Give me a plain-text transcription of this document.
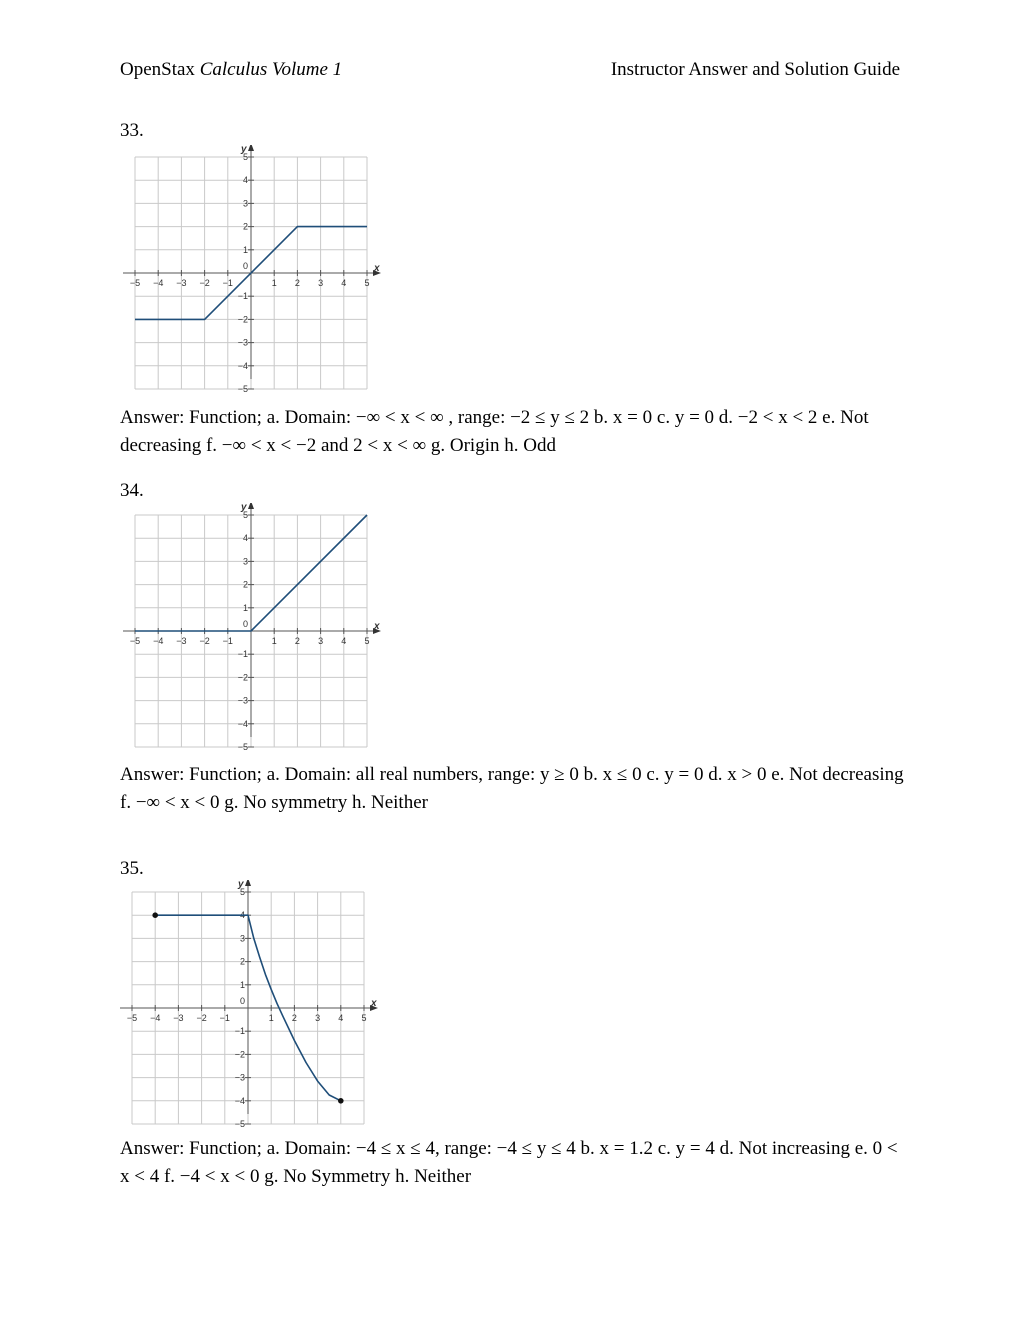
OpenStax Calculus Volume 1	Instructor Answer and Solution Guide
33.
x
y
−5 −4 −3 −2 −1	1 2 3 4 5
−5
−4
−3
−2
−1
1
2
3
4
5
0

Answer: Function; a. Domain: −∞ < x < ∞ , range: −2 ≤ y ≤ 2 b. x = 0 c. y = 0 d. −2 < x < 2 e. Not decreasing f. −∞ < x < −2 and 2 < x < ∞ g. Origin h. Odd

34.
x
y
−5 −4 −3 −2 −1	1 2 3 4 5
−5
−4
−3
−2
−1
1
2
3
4
5
0

Answer: Function; a. Domain: all real numbers, range: y ≥ 0 b. x ≤ 0 c. y = 0 d. x > 0 e. Not decreasing f. −∞ < x < 0 g. No symmetry h. Neither

35.
x
y
−5 −4 −3 −2 −1	1 2 3 4 5
−5
−4
−3
−2
−1
1
2
3
4
5
0

Answer: Function; a. Domain: −4 ≤ x ≤ 4, range: −4 ≤ y ≤ 4 b. x = 1.2 c. y = 4 d. Not increasing e. 0 < x < 4 f. −4 < x < 0 g. No Symmetry h. Neither
